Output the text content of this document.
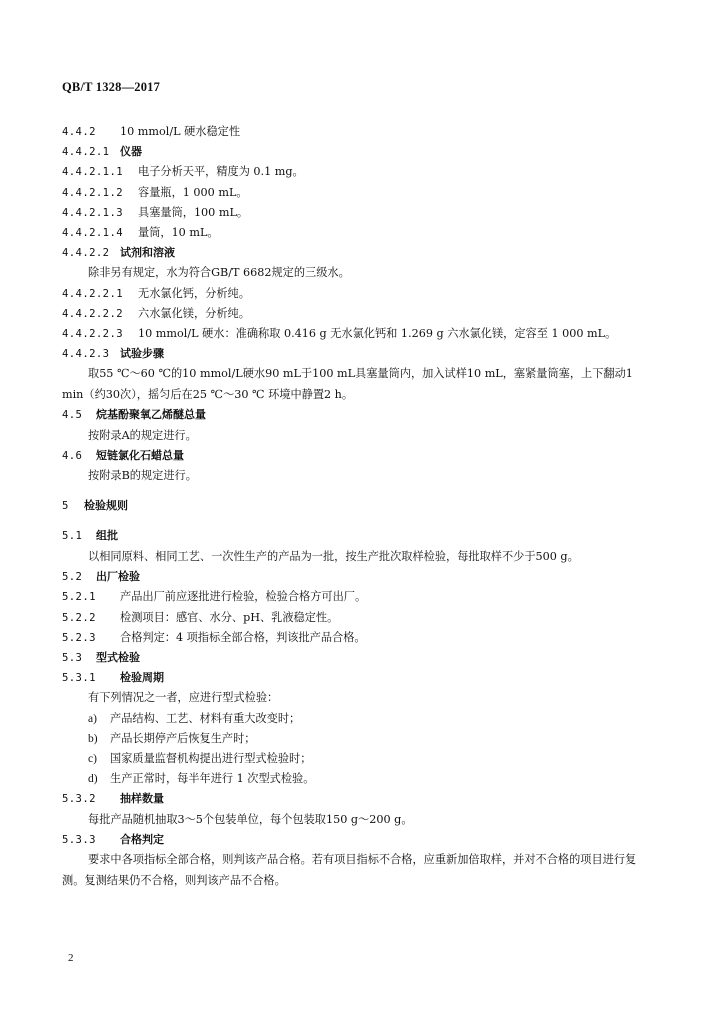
QB/T 1328—2017
4.4.2 10 mmol/L 硬水稳定性
4.4.2.1 仪器
4.4.2.1.1 电子分析天平，精度为 0.1 mg。
4.4.2.1.2 容量瓶，1 000 mL。
4.4.2.1.3 具塞量筒，100 mL。
4.4.2.1.4 量筒，10 mL。
4.4.2.2 试剂和溶液
除非另有规定，水为符合GB/T 6682规定的三级水。
4.4.2.2.1 无水氯化钙，分析纯。
4.4.2.2.2 六水氯化镁，分析纯。
4.4.2.2.3 10 mmol/L 硬水：准确称取 0.416 g 无水氯化钙和 1.269 g 六水氯化镁，定容至 1 000 mL。
4.4.2.3 试验步骤
取55 ℃～60 ℃的10 mmol/L硬水90 mL于100 mL具塞量筒内，加入试样10 mL，塞紧量筒塞，上下翻动1 min（约30次），摇匀后在25 ℃～30 ℃ 环境中静置2 h。
4.5 烷基酚聚氧乙烯醚总量
按附录A的规定进行。
4.6 短链氯化石蜡总量
按附录B的规定进行。
5 检验规则
5.1 组批
以相同原料、相同工艺、一次性生产的产品为一批，按生产批次取样检验，每批取样不少于500 g。
5.2 出厂检验
5.2.1 产品出厂前应逐批进行检验，检验合格方可出厂。
5.2.2 检测项目：感官、水分、pH、乳液稳定性。
5.2.3 合格判定：4 项指标全部合格，判该批产品合格。
5.3 型式检验
5.3.1 检验周期
有下列情况之一者，应进行型式检验：
a) 产品结构、工艺、材料有重大改变时；
b) 产品长期停产后恢复生产时；
c) 国家质量监督机构提出进行型式检验时；
d) 生产正常时，每半年进行 1 次型式检验。
5.3.2 抽样数量
每批产品随机抽取3～5个包装单位，每个包装取150 g～200 g。
5.3.3 合格判定
要求中各项指标全部合格，则判该产品合格。若有项目指标不合格，应重新加倍取样，并对不合格的项目进行复测。复测结果仍不合格，则判该产品不合格。
2
